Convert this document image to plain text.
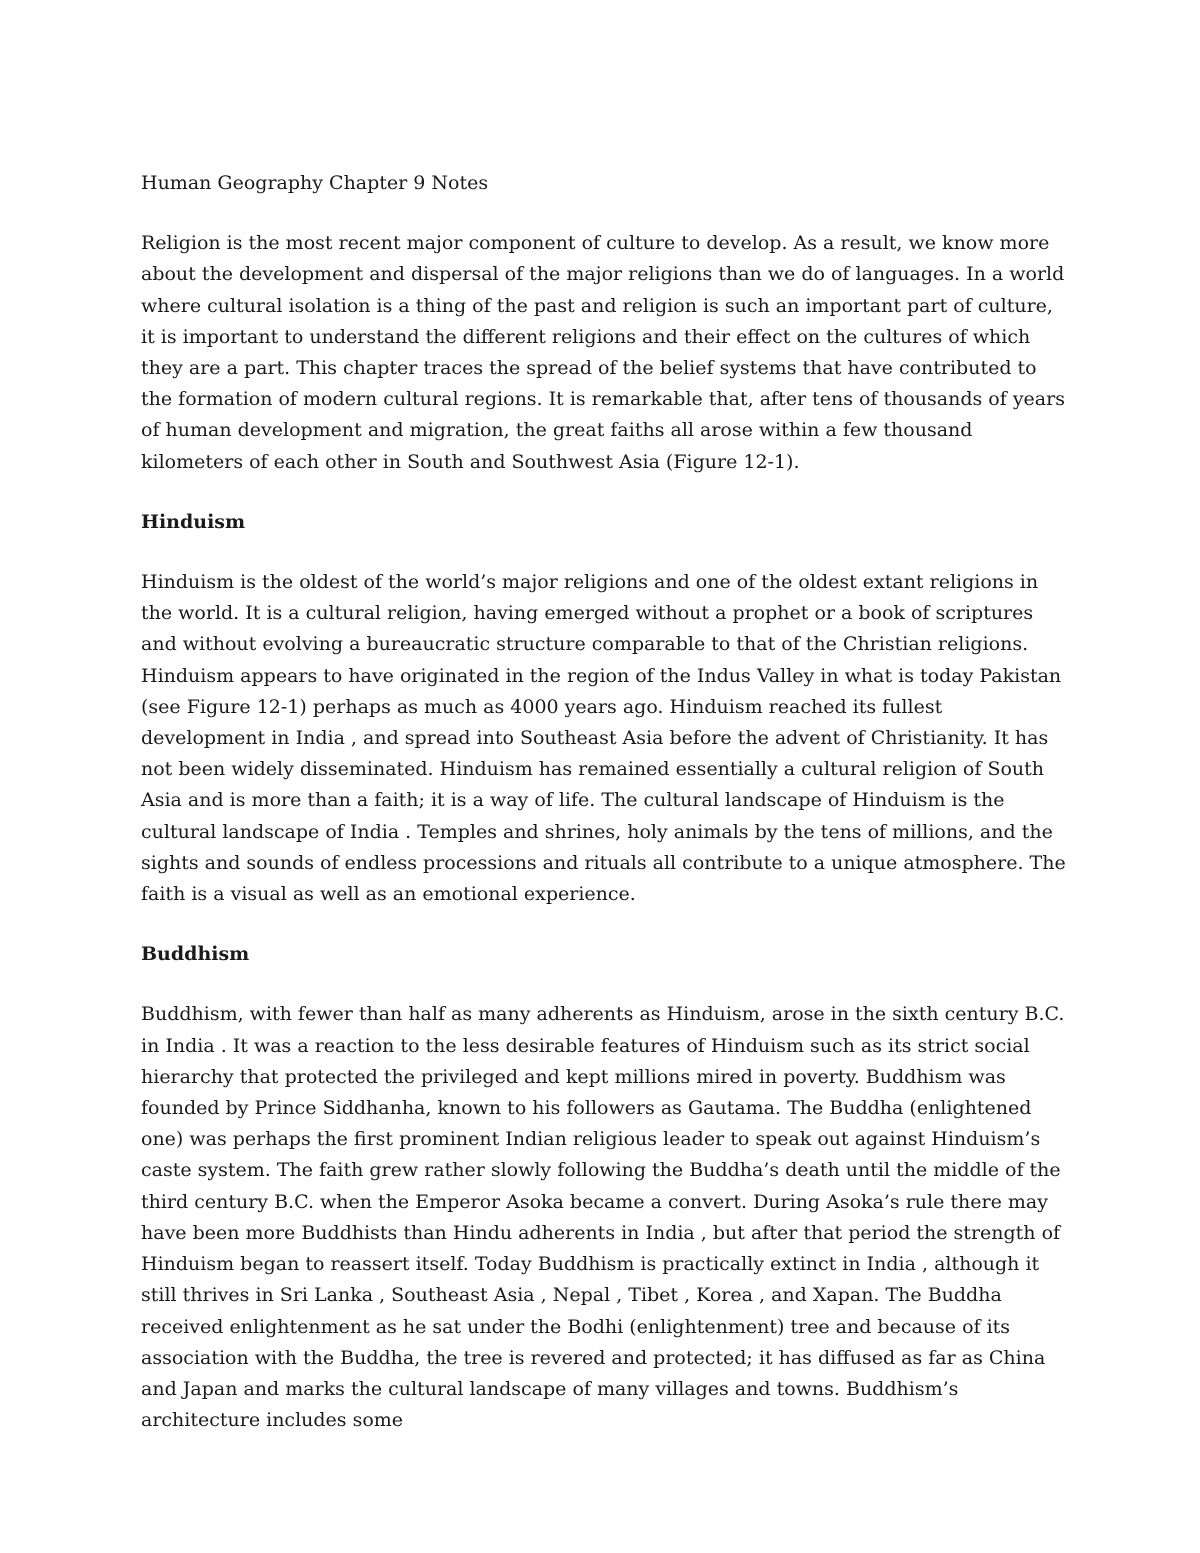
Human Geography Chapter 9 Notes

Religion is the most recent major component of culture to develop. As a result, we know more about the development and dispersal of the major religions than we do of languages. In a world where cultural isolation is a thing of the past and religion is such an important part of culture, it is important to understand the different religions and their effect on the cultures of which they are a part. This chapter traces the spread of the belief systems that have contributed to the formation of modern cultural regions. It is remarkable that, after tens of thousands of years of human development and migration, the great faiths all arose within a few thousand kilometers of each other in South and Southwest Asia (Figure 12-1).

Hinduism

Hinduism is the oldest of the world’s major religions and one of the oldest extant religions in the world. It is a cultural religion, having emerged without a prophet or a book of scriptures and without evolving a bureaucratic structure comparable to that of the Christian religions. Hinduism appears to have originated in the region of the Indus Valley in what is today Pakistan (see Figure 12-1) perhaps as much as 4000 years ago. Hinduism reached its fullest development in India , and spread into Southeast Asia before the advent of Christianity. It has not been widely disseminated. Hinduism has remained essentially a cultural religion of South Asia and is more than a faith; it is a way of life. The cultural landscape of Hinduism is the cultural landscape of India . Temples and shrines, holy animals by the tens of millions, and the sights and sounds of endless processions and rituals all contribute to a unique atmosphere. The faith is a visual as well as an emotional experience.

Buddhism

Buddhism, with fewer than half as many adherents as Hinduism, arose in the sixth century B.C. in India . It was a reaction to the less desirable features of Hinduism such as its strict social hierarchy that protected the privileged and kept millions mired in poverty. Buddhism was founded by Prince Siddhanha, known to his followers as Gautama. The Buddha (enlightened one) was perhaps the first prominent Indian religious leader to speak out against Hinduism’s caste system. The faith grew rather slowly following the Buddha’s death until the middle of the third century B.C. when the Emperor Asoka became a convert. During Asoka’s rule there may have been more Buddhists than Hindu adherents in India , but after that period the strength of Hinduism began to reassert itself. Today Buddhism is practically extinct in India , although it still thrives in Sri Lanka , Southeast Asia , Nepal , Tibet , Korea , and Xapan. The Buddha received enlightenment as he sat under the Bodhi (enlightenment) tree and because of its association with the Buddha, the tree is revered and protected; it has diffused as far as China and Japan and marks the cultural landscape of many villages and towns. Buddhism’s architecture includes some
